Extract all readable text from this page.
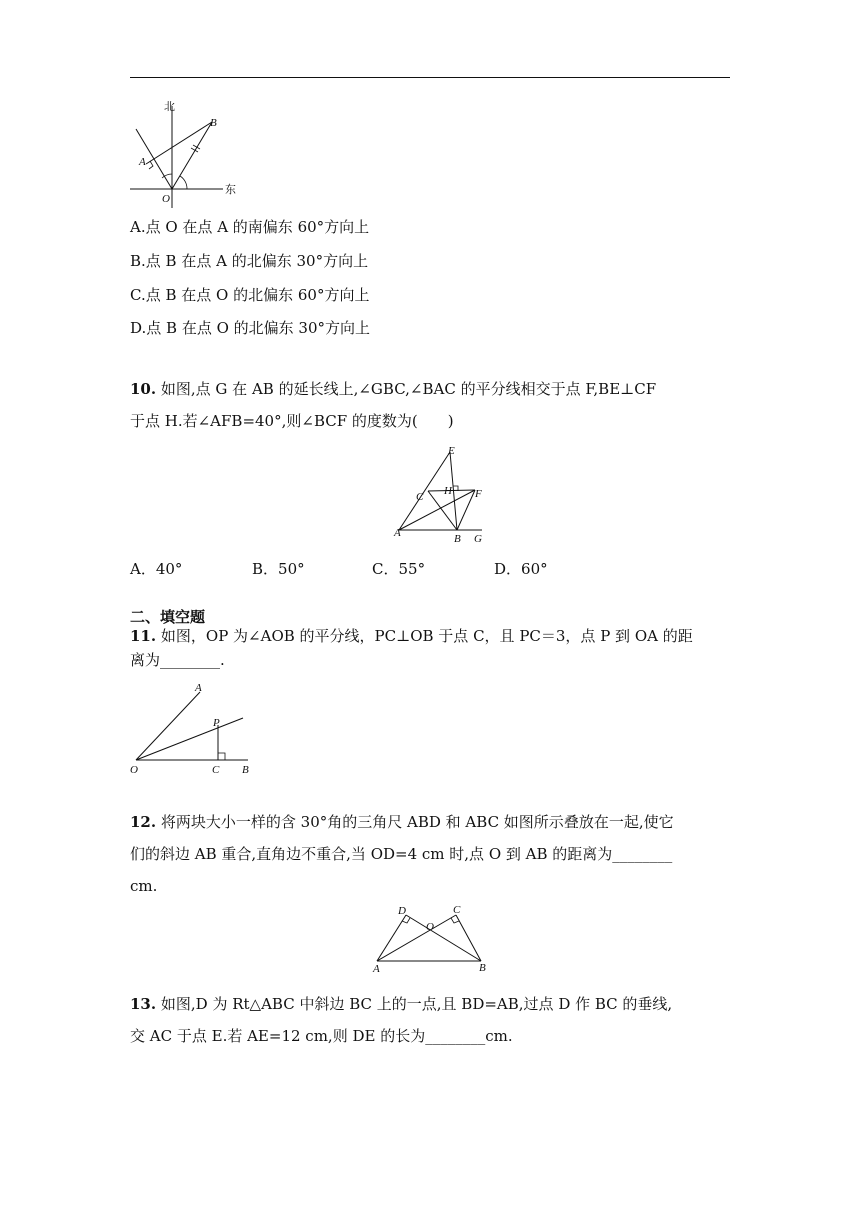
北
东
A
B
O
A.点 O 在点 A 的南偏东 60°方向上
B.点 B 在点 A 的北偏东 30°方向上
C.点 B 在点 O 的北偏东 60°方向上
D.点 B 在点 O 的北偏东 30°方向上
10. 如图,点 G 在 AB 的延长线上,∠GBC,∠BAC 的平分线相交于点 F,BE⊥CF
于点 H.若∠AFB=40°,则∠BCF 的度数为(　　)
E
C H F
A	B G
A．40°	B．50°	C．55°	D．60°
二、填空题
11. 如图，OP 为∠AOB 的平分线，PC⊥OB 于点 C，且 PC＝3，点 P 到 OA 的距
离为________.
A
P
O	C B
12. 将两块大小一样的含 30°角的三角尺 ABD 和 ABC 如图所示叠放在一起,使它
们的斜边 AB 重合,直角边不重合,当 OD=4 cm 时,点 O 到 AB 的距离为________
cm.
D
O
C
A	B
13. 如图,D 为 Rt△ABC 中斜边 BC 上的一点,且 BD=AB,过点 D 作 BC 的垂线,
交 AC 于点 E.若 AE=12 cm,则 DE 的长为________cm.
